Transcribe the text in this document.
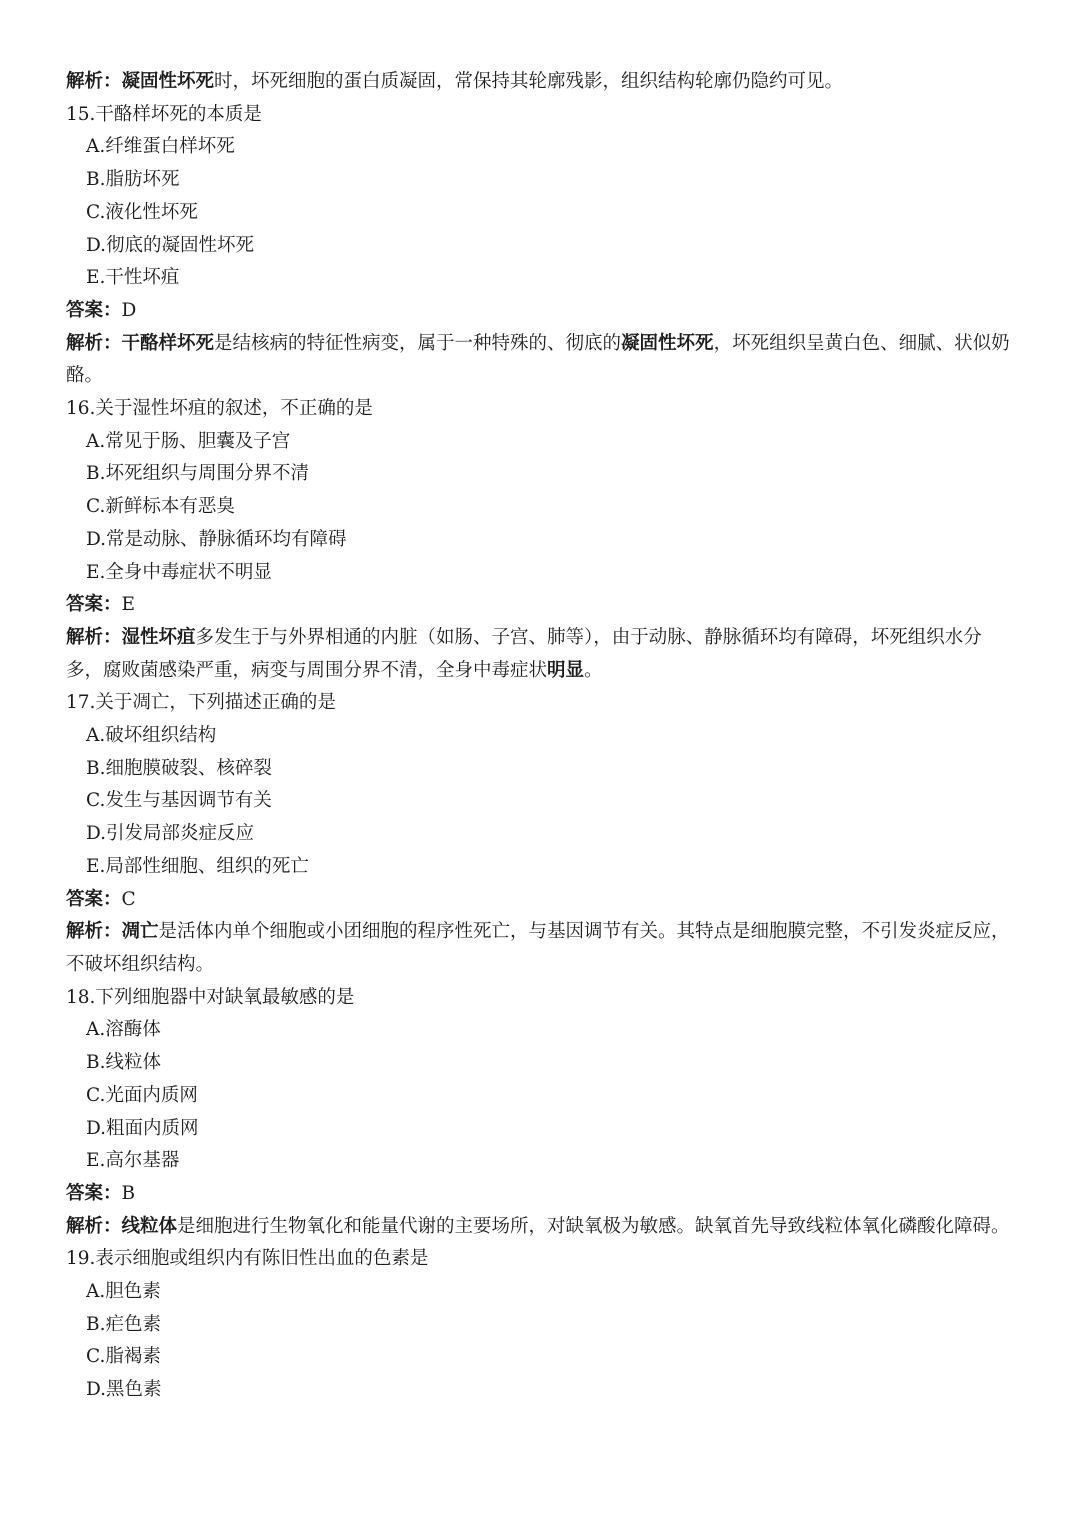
解析：凝固性坏死时，坏死细胞的蛋白质凝固，常保持其轮廓残影，组织结构轮廓仍隐约可见。

15.干酪样坏死的本质是

A.纤维蛋白样坏死

B.脂肪坏死

C.液化性坏死

D.彻底的凝固性坏死

E.干性坏疽

答案：D

解析：干酪样坏死是结核病的特征性病变，属于一种特殊的、彻底的凝固性坏死，坏死组织呈黄白色、细腻、状似奶酪。

16.关于湿性坏疽的叙述，不正确的是

A.常见于肠、胆囊及子宫

B.坏死组织与周围分界不清

C.新鲜标本有恶臭

D.常是动脉、静脉循环均有障碍

E.全身中毒症状不明显

答案：E

解析：湿性坏疽多发生于与外界相通的内脏（如肠、子宫、肺等），由于动脉、静脉循环均有障碍，坏死组织水分多，腐败菌感染严重，病变与周围分界不清，全身中毒症状明显。

17.关于凋亡，下列描述正确的是

A.破坏组织结构

B.细胞膜破裂、核碎裂

C.发生与基因调节有关

D.引发局部炎症反应

E.局部性细胞、组织的死亡

答案：C

解析：凋亡是活体内单个细胞或小团细胞的程序性死亡，与基因调节有关。其特点是细胞膜完整，不引发炎症反应，不破坏组织结构。

18.下列细胞器中对缺氧最敏感的是

A.溶酶体

B.线粒体

C.光面内质网

D.粗面内质网

E.高尔基器

答案：B

解析：线粒体是细胞进行生物氧化和能量代谢的主要场所，对缺氧极为敏感。缺氧首先导致线粒体氧化磷酸化障碍。

19.表示细胞或组织内有陈旧性出血的色素是

A.胆色素

B.疟色素

C.脂褐素

D.黑色素
